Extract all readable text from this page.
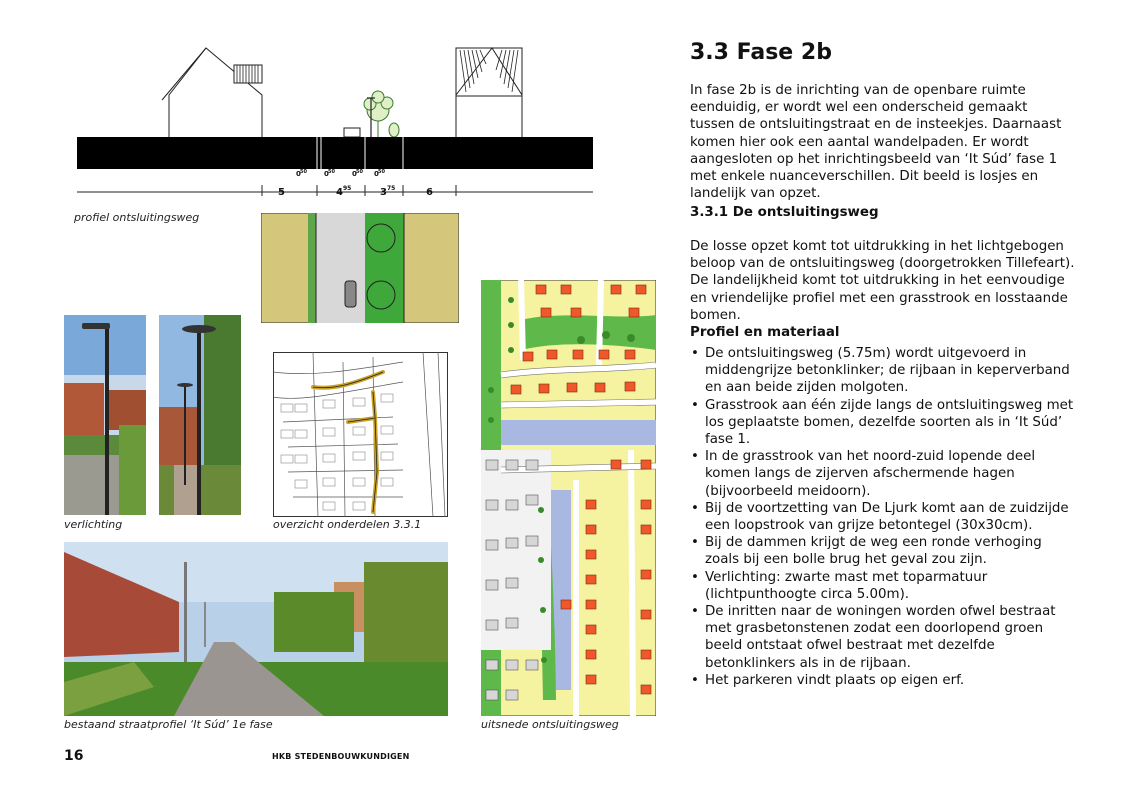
0 50 0 50 0 50 0 50
5	4 95	3 75	6
profiel ontsluitingsweg
verlichting	overzicht onderdelen 3.3.1
bestaand straatprofiel ‘It Súd’ 1e fase	uitsnede ontsluitingsweg
3.3 Fase 2b

In fase 2b is de inrichting van de openbare ruimte eenduidig, er wordt wel een onderscheid gemaakt tussen de ontsluitingstraat en de insteekjes. Daarnaast komen hier ook een aantal wandelpaden. Er wordt aangesloten op het inrichtingsbeeld van ‘It Súd’ fase 1 met enkele nuanceverschillen. Dit beeld is losjes en landelijk van opzet.

3.3.1 De ontsluitingsweg

De losse opzet komt tot uitdrukking in het lichtgebogen beloop van de ontsluitingsweg (doorgetrokken Tillefeart). De landelijkheid komt tot uitdrukking in het eenvoudige en vriendelijke profiel met een grasstrook en losstaande bomen.

Profiel en materiaal
• De ontsluitingsweg (5.75m) wordt uitgevoerd in middengrijze betonklinker; de rijbaan in keperverband en aan beide zijden molgoten.
• Grasstrook aan één zijde langs de ontsluitingsweg met los geplaatste bomen, dezelfde soorten als in ‘It Súd’ fase 1.
• In de grasstrook van het noord-zuid lopende deel komen langs de zijerven afschermende hagen (bijvoorbeeld meidoorn).
• Bij de voortzetting van De Ljurk komt aan de zuidzijde een loopstrook van grijze betontegel (30x30cm).
• Bij de dammen krijgt de weg een ronde verhoging zoals bij een bolle brug het geval zou zijn.
• Verlichting: zwarte mast met toparmatuur (lichtpunthoogte circa 5.00m).
• De inritten naar de woningen worden ofwel bestraat met grasbetonstenen zodat een doorlopend groen beeld ontstaat ofwel bestraat met dezelfde betonklinkers als in de rijbaan.
• Het parkeren vindt plaats op eigen erf.
16	HKB STEDENBOUWKUNDIGEN
